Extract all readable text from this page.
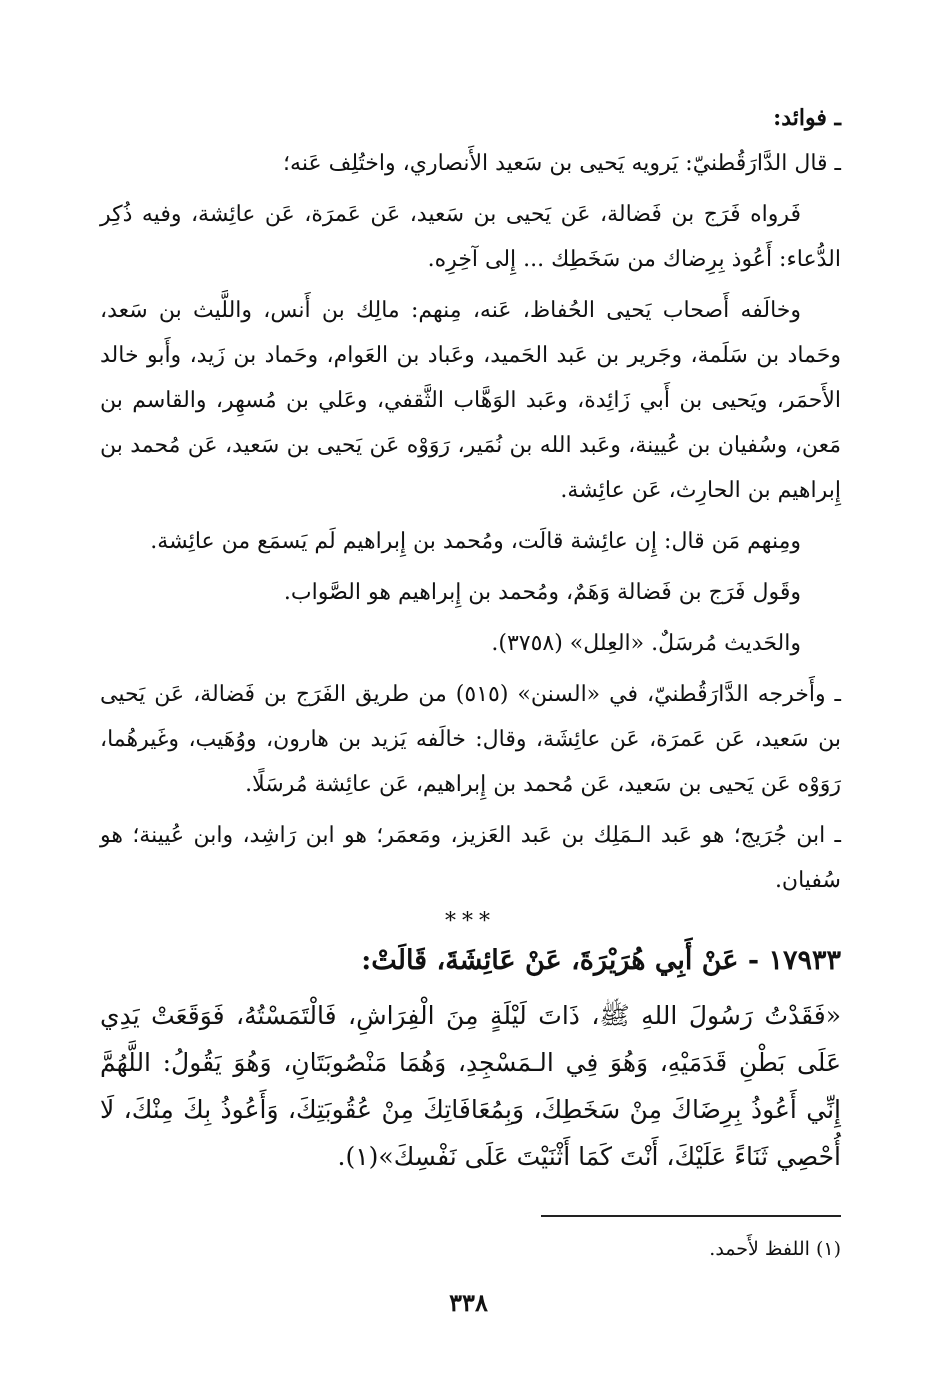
ـ فوائد:

ـ قال الدَّارَقُطنيّ: يَرويه يَحيى بن سَعيد الأَنصاري، واختُلِف عَنه؛

فَرواه فَرَج بن فَضالة، عَن يَحيى بن سَعيد، عَن عَمرَة، عَن عائِشة، وفيه ذُكِر الدُّعاء: أَعُوذ بِرِضاك من سَخَطِك ... إِلى آخِرِه.

وخالَفه أَصحاب يَحيى الحُفاظ، عَنه، مِنهم: مالِك بن أَنس، واللَّيث بن سَعد، وحَماد بن سَلَمة، وجَرير بن عَبد الحَميد، وعَباد بن العَوام، وحَماد بن زَيد، وأَبو خالد الأَحمَر، ويَحيى بن أَبي زَائِدة، وعَبد الوَهَّاب الثَّقفي، وعَلي بن مُسهِر، والقاسم بن مَعن، وسُفيان بن عُيينة، وعَبد الله بن نُمَير، رَوَوْه عَن يَحيى بن سَعيد، عَن مُحمد بن إِبراهيم بن الحارِث، عَن عائِشة.

ومِنهم مَن قال: إِن عائِشة قالَت، ومُحمد بن إِبراهيم لَم يَسمَع من عائِشة.

وقَول فَرَج بن فَضالة وَهَمٌ، ومُحمد بن إِبراهيم هو الصَّواب.

والحَديث مُرسَلٌ. «العِلل» (٣٧٥٨).

ـ وأَخرجه الدَّارَقُطنيّ، في «السنن» (٥١٥) من طريق الفَرَج بن فَضالة، عَن يَحيى بن سَعيد، عَن عَمرَة، عَن عائِشَة، وقال: خالَفه يَزيد بن هارون، ووُهَيب، وغَيرهُما، رَوَوْه عَن يَحيى بن سَعيد، عَن مُحمد بن إِبراهيم، عَن عائِشة مُرسَلًا.

ـ ابن جُرَيج؛ هو عَبد الـمَلِك بن عَبد العَزيز، ومَعمَر؛ هو ابن رَاشِد، وابن عُيينة؛ هو سُفيان.

***

١٧٩٣٣ - عَنْ أَبِي هُرَيْرَةَ، عَنْ عَائِشَةَ، قَالَتْ:

«فَقَدْتُ رَسُولَ اللهِ ﷺ، ذَاتَ لَيْلَةٍ مِنَ الْفِرَاشِ، فَالْتَمَسْتُهُ، فَوَقَعَتْ يَدِي عَلَى بَطْنِ قَدَمَيْهِ، وَهُوَ فِي الـمَسْجِدِ، وَهُمَا مَنْصُوبَتَانِ، وَهُوَ يَقُولُ: اللَّهُمَّ إِنِّي أَعُوذُ بِرِضَاكَ مِنْ سَخَطِكَ، وَبِمُعَافَاتِكَ مِنْ عُقُوبَتِكَ، وَأَعُوذُ بِكَ مِنْكَ، لَا أُحْصِي ثَنَاءً عَلَيْكَ، أَنْتَ كَمَا أَثْنَيْتَ عَلَى نَفْسِكَ»(١).

(١) اللفظ لأَحمد.
٣٣٨
